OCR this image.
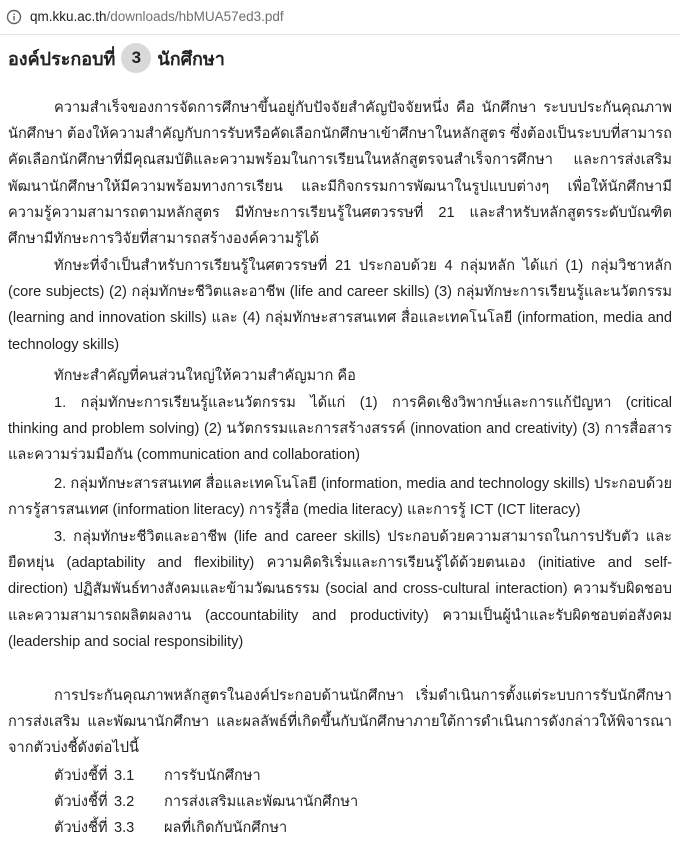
qm.kku.ac.th/downloads/hbMUA57ed3.pdf
องค์ประกอบที่ 3 นักศึกษา
ความสำเร็จของการจัดการศึกษาขึ้นอยู่กับปัจจัยสำคัญปัจจัยหนึ่ง คือ นักศึกษา ระบบประกันคุณภาพนักศึกษา ต้องให้ความสำคัญกับการรับหรือคัดเลือกนักศึกษาเข้าศึกษาในหลักสูตร ซึ่งต้องเป็นระบบที่สามารถคัดเลือกนักศึกษาที่มีคุณสมบัติและความพร้อมในการเรียนในหลักสูตรจนสำเร็จการศึกษา และการส่งเสริมพัฒนานักศึกษาให้มีความพร้อมทางการเรียน และมีกิจกรรมการพัฒนาในรูปแบบต่างๆ เพื่อให้นักศึกษามีความรู้ความสามารถตามหลักสูตร มีทักษะการเรียนรู้ในศตวรรษที่ 21 และสำหรับหลักสูตรระดับบัณฑิตศึกษามีทักษะการวิจัยที่สามารถสร้างองค์ความรู้ได้
ทักษะที่จำเป็นสำหรับการเรียนรู้ในศตวรรษที่ 21 ประกอบด้วย 4 กลุ่มหลัก ได้แก่ (1) กลุ่มวิชาหลัก (core subjects) (2) กลุ่มทักษะชีวิตและอาชีพ (life and career skills) (3) กลุ่มทักษะการเรียนรู้และนวัตกรรม (learning and innovation skills) และ (4) กลุ่มทักษะสารสนเทศ สื่อและเทคโนโลยี (information, media and technology skills)
ทักษะสำคัญที่คนส่วนใหญ่ให้ความสำคัญมาก คือ
1. กลุ่มทักษะการเรียนรู้และนวัตกรรม ได้แก่ (1) การคิดเชิงวิพากษ์และการแก้ปัญหา (critical thinking and problem solving) (2) นวัตกรรมและการสร้างสรรค์ (innovation and creativity) (3) การสื่อสารและความร่วมมือกัน (communication and collaboration)
2. กลุ่มทักษะสารสนเทศ สื่อและเทคโนโลยี (information, media and technology skills) ประกอบด้วยการรู้สารสนเทศ (information literacy) การรู้สื่อ (media literacy) และการรู้ ICT (ICT literacy)
3. กลุ่มทักษะชีวิตและอาชีพ (life and career skills) ประกอบด้วยความสามารถในการปรับตัว และยืดหยุ่น (adaptability and flexibility) ความคิดริเริ่มและการเรียนรู้ได้ด้วยตนเอง (initiative and self-direction) ปฏิสัมพันธ์ทางสังคมและข้ามวัฒนธรรม (social and cross-cultural interaction) ความรับผิดชอบและความสามารถผลิตผลงาน (accountability and productivity) ความเป็นผู้นำและรับผิดชอบต่อสังคม (leadership and social responsibility)
การประกันคุณภาพหลักสูตรในองค์ประกอบด้านนักศึกษา เริ่มดำเนินการตั้งแต่ระบบการรับนักศึกษา การส่งเสริม และพัฒนานักศึกษา และผลลัพธ์ที่เกิดขึ้นกับนักศึกษาภายใต้การดำเนินการดังกล่าวให้พิจารณาจากตัวบ่งชี้ดังต่อไปนี้
ตัวบ่งชี้ที่ 3.1 การรับนักศึกษา
ตัวบ่งชี้ที่ 3.2 การส่งเสริมและพัฒนานักศึกษา
ตัวบ่งชี้ที่ 3.3 ผลที่เกิดกับนักศึกษา
